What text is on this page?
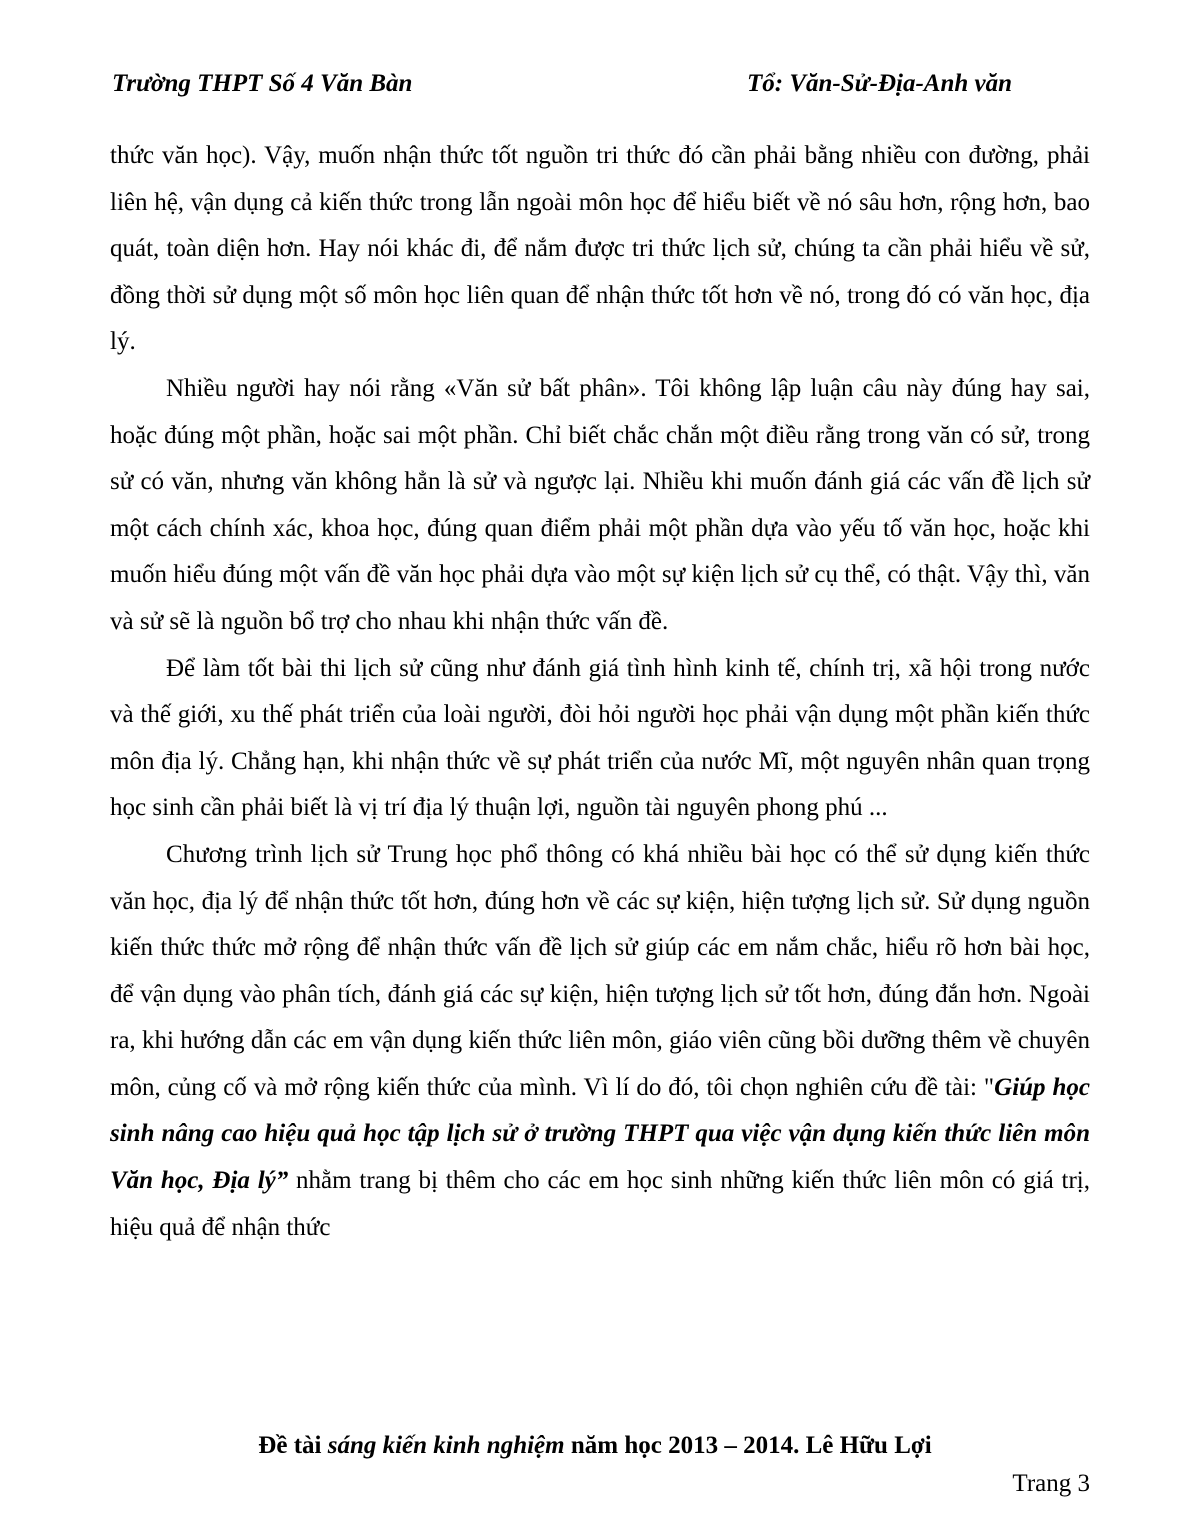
Trường THPT Số 4 Văn Bàn	Tổ: Văn-Sử-Địa-Anh văn

thức văn học). Vậy, muốn nhận thức tốt nguồn tri thức đó cần phải bằng nhiều con đường, phải liên hệ, vận dụng cả kiến thức trong lẫn ngoài môn học để hiểu biết về nó sâu hơn, rộng hơn, bao quát, toàn diện hơn. Hay nói khác đi, để nắm được tri thức lịch sử, chúng ta cần phải hiểu về sử, đồng thời sử dụng một số môn học liên quan để nhận thức tốt hơn về nó, trong đó có văn học, địa lý.

Nhiều người hay nói rằng «Văn sử bất phân». Tôi không lập luận câu này đúng hay sai, hoặc đúng một phần, hoặc sai một phần. Chỉ biết chắc chắn một điều rằng trong văn có sử, trong sử có văn, nhưng văn không hẳn là sử và ngược lại. Nhiều khi muốn đánh giá các vấn đề lịch sử một cách chính xác, khoa học, đúng quan điểm phải một phần dựa vào yếu tố văn học, hoặc khi muốn hiểu đúng một vấn đề văn học phải dựa vào một sự kiện lịch sử cụ thể, có thật. Vậy thì, văn và sử sẽ là nguồn bổ trợ cho nhau khi nhận thức vấn đề.

Để làm tốt bài thi lịch sử cũng như đánh giá tình hình kinh tế, chính trị, xã hội trong nước và thế giới, xu thế phát triển của loài người, đòi hỏi người học phải vận dụng một phần kiến thức môn địa lý. Chẳng hạn, khi nhận thức về sự phát triển của nước Mĩ, một nguyên nhân quan trọng học sinh cần phải biết là vị trí địa lý thuận lợi, nguồn tài nguyên phong phú ...

Chương trình lịch sử Trung học phổ thông có khá nhiều bài học có thể sử dụng kiến thức văn học, địa lý để nhận thức tốt hơn, đúng hơn về các sự kiện, hiện tượng lịch sử. Sử dụng nguồn kiến thức thức mở rộng để nhận thức vấn đề lịch sử giúp các em nắm chắc, hiểu rõ hơn bài học, để vận dụng vào phân tích, đánh giá các sự kiện, hiện tượng lịch sử tốt hơn, đúng đắn hơn. Ngoài ra, khi hướng dẫn các em vận dụng kiến thức liên môn, giáo viên cũng bồi dưỡng thêm về chuyên môn, củng cố và mở rộng kiến thức của mình. Vì lí do đó, tôi chọn nghiên cứu đề tài: "Giúp học sinh nâng cao hiệu quả học tập lịch sử ở trường THPT qua việc vận dụng kiến thức liên môn Văn học, Địa lý” nhằm trang bị thêm cho các em học sinh những kiến thức liên môn có giá trị, hiệu quả để nhận thức

Đề tài sáng kiến kinh nghiệm năm học 2013 – 2014. Lê Hữu Lợi
Trang 3
